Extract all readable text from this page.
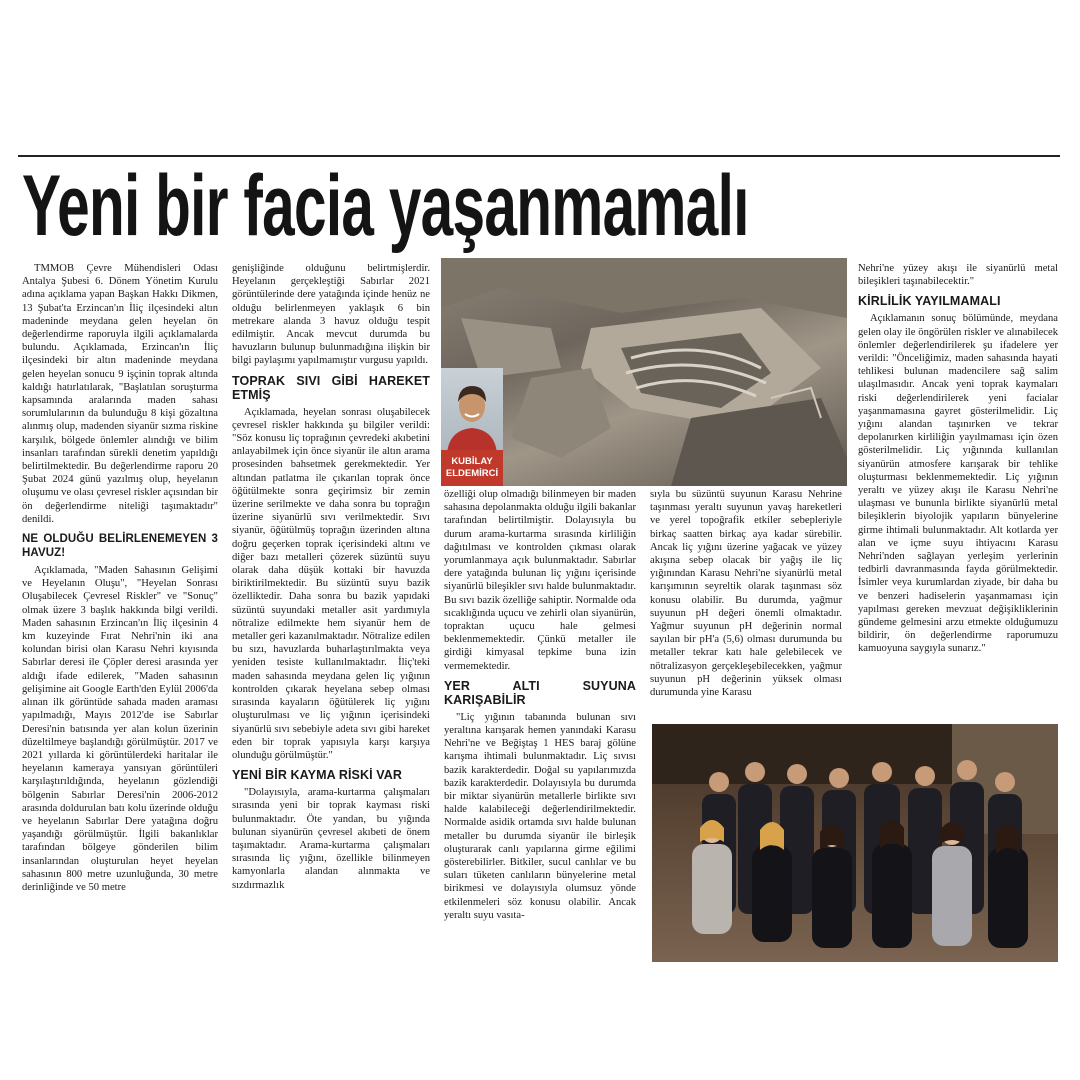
Yeni bir facia yaşanmamalı

TMMOB Çevre Mühendisleri Odası Antalya Şubesi 6. Dönem Yönetim Kurulu adına açıklama yapan Başkan Hakkı Dikmen, 13 Şubat'ta Erzincan'ın İliç ilçesindeki altın madeninde meydana gelen heyelan ön değerlendirme raporuyla ilgili açıklamalarda bulundu. Açıklamada, Erzincan'ın İliç ilçesindeki bir altın madeninde meydana gelen heyelan sonucu 9 işçinin toprak altında kaldığı hatırlatılarak, "Başlatılan soruşturma kapsamında aralarında maden sahası sorumlularının da bulunduğu 8 kişi gözaltına alınmış olup, madenden siyanür sızma riskine karşılık, bölgede önlemler alındığı ve bilim insanları tarafından sürekli denetim yapıldığı belirtilmektedir. Bu değerlendirme raporu 20 Şubat 2024 günü yazılmış olup, heyelanın oluşumu ve olası çevresel riskler açısından bir ön değerlendirme niteliği taşımaktadır" denildi.

NE OLDUĞU BELİRLENEMEYEN 3 HAVUZ!

Açıklamada, "Maden Sahasının Gelişimi ve Heyelanın Oluşu", "Heyelan Sonrası Oluşabilecek Çevresel Riskler" ve "Sonuç" olmak üzere 3 başlık hakkında bilgi verildi. Maden sahasının Erzincan'ın İliç ilçesinin 4 km kuzeyinde Fırat Nehri'nin iki ana kolundan birisi olan Karasu Nehri kıyısında Sabırlar deresi ile Çöpler deresi arasında yer aldığı ifade edilerek, "Maden sahasının gelişimine ait Google Earth'den Eylül 2006'da alınan ilk görüntüde sahada maden araması yapılmadığı, Mayıs 2012'de ise Sabırlar Deresi'nin batısında yer alan kolun üzerinin düzeltilmeye başlandığı görülmüştür. 2017 ve 2021 yıllarda ki görüntülerdeki haritalar ile heyelanın kameraya yansıyan görüntüleri karşılaştırıldığında, heyelanın gözlendiği bölgenin Sabırlar Deresi'nin 2006-2012 arasında doldurulan batı kolu üzerinde olduğu ve heyelanın Sabırlar Dere yatağına doğru yaşandığı görülmüştür. İlgili bakanlıklar tarafından bölgeye gönderilen bilim insanlarından oluşturulan heyet heyelan sahasının 800 metre uzunluğunda, 30 metre derinliğinde ve 50 metre

genişliğinde olduğunu belirtmişlerdir. Heyelanın gerçekleştiği Sabırlar 2021 görüntülerinde dere yatağında içinde henüz ne olduğu belirlenmeyen yaklaşık 6 bin metrekare alanda 3 havuz olduğu tespit edilmiştir. Ancak mevcut durumda bu havuzların bulunup bulunmadığına ilişkin bir bilgi paylaşımı yapılmamıştır vurgusu yapıldı.

TOPRAK SIVI GİBİ HAREKET ETMİŞ

Açıklamada, heyelan sonrası oluşabilecek çevresel riskler hakkında şu bilgiler verildi: "Söz konusu liç toprağının çevredeki akıbetini anlayabilmek için önce siyanür ile altın arama prosesinden bahsetmek gerekmektedir. Yer altından patlatma ile çıkarılan toprak önce öğütülmekte sonra geçirimsiz bir zemin üzerine serilmekte ve daha sonra bu toprağın üzerine siyanürlü sıvı verilmektedir. Sıvı siyanür, öğütülmüş toprağın üzerinden altına doğru geçerken toprak içerisindeki altını ve diğer bazı metalleri çözerek süzüntü suyu olarak daha düşük kottaki bir havuzda biriktirilmektedir. Bu süzüntü suyu bazik özelliktedir. Daha sonra bu bazik yapıdaki süzüntü suyundaki metaller asit yardımıyla nötralize edilmekte hem siyanür hem de metaller geri kazanılmaktadır. Nötralize edilen bu sızı, havuzlarda buharlaştırılmakta veya yeniden tesiste kullanılmaktadır. İliç'teki maden sahasında meydana gelen liç yığının kontrolden çıkarak heyelana sebep olması sırasında kayaların öğütülerek liç yığını oluşturulması ve liç yığının içerisindeki siyanürlü sıvı sebebiyle adeta sıvı gibi hareket eden bir toprak yapısıyla karşı karşıya olunduğu görülmüştür."

YENİ BİR KAYMA RİSKİ VAR

"Dolayısıyla, arama-kurtarma çalışmaları sırasında yeni bir toprak kayması riski bulunmaktadır. Öte yandan, bu yığında bulunan siyanürün çevresel akıbeti de önem taşımaktadır. Arama-kurtarma çalışmaları sırasında liç yığını, özellikle bilinmeyen kamyonlarla alandan alınmakta ve sızdırmazlık

KUBİLAY
ELDEMİRCİ

özelliği olup olmadığı bilinmeyen bir maden sahasına depolanmakta olduğu ilgili bakanlar tarafından belirtilmiştir. Dolayısıyla bu durum arama-kurtarma sırasında kirliliğin dağıtılması ve kontrolden çıkması olarak yorumlanmaya açık bulunmaktadır. Sabırlar dere yatağında bulunan liç yığını içerisinde siyanürlü bileşikler sıvı halde bulunmaktadır. Bu sıvı bazik özelliğe sahiptir. Normalde oda sıcaklığında uçucu ve zehirli olan siyanürün, topraktan uçucu hale gelmesi beklenmemektedir. Çünkü metaller ile girdiği kimyasal tepkime buna izin vermemektedir.

YER ALTI SUYUNA KARIŞABİLİR

"Liç yığının tabanında bulunan sıvı yeraltına karışarak hemen yanındaki Karasu Nehri'ne ve Beğiştaş 1 HES baraj gölüne karışma ihtimali bulunmaktadır. Liç sıvısı bazik karakterdedir. Doğal su yapılarımızda bazik karakterdedir. Dolayısıyla bu durumda bir miktar siyanürün metallerle birlikte sıvı halde kalabileceği değerlendirilmektedir. Normalde asidik ortamda sıvı halde bulunan metaller bu durumda siyanür ile birleşik oluşturarak canlı yapılarına girme eğilimi gösterebilirler. Bitkiler, sucul canlılar ve bu suları tüketen canlıların bünyelerine metal birikmesi ve dolayısıyla olumsuz yönde etkilenmeleri söz konusu olabilir. Ancak yeraltı suyu vasıta-

sıyla bu süzüntü suyunun Karasu Nehrine taşınması yeraltı suyunun yavaş hareketleri ve yerel topoğrafik etkiler sebepleriyle birkaç saatten birkaç aya kadar sürebilir. Ancak liç yığını üzerine yağacak ve yüzey akışına sebep olacak bir yağış ile liç yığınından Karasu Nehri'ne siyanürlü metal karışımının seyreltik olarak taşınması söz konusu olabilir. Bu durumda, yağmur suyunun pH değeri önemli olmaktadır. Yağmur suyunun pH değerinin normal sayılan bir pH'a (5,6) olması durumunda bu metaller tekrar katı hale gelebilecek ve nötralizasyon gerçekleşebilecekken, yağmur suyunun pH değerinin yüksek olması durumunda yine Karasu

Nehri'ne yüzey akışı ile siyanürlü metal bileşikleri taşınabilecektir."

KİRLİLİK YAYILMAMALI

Açıklamanın sonuç bölümünde, meydana gelen olay ile öngörülen riskler ve alınabilecek önlemler değerlendirilerek şu ifadelere yer verildi: "Önceliğimiz, maden sahasında hayati tehlikesi bulunan madencilere sağ salim ulaşılmasıdır. Ancak yeni toprak kaymaları riski değerlendirilerek yeni facialar yaşanmamasına gayret gösterilmelidir. Liç yığını alandan taşınırken ve tekrar depolanırken kirliliğin yayılmaması için özen gösterilmelidir. Liç yığınında kullanılan siyanürün atmosfere karışarak bir tehlike oluşturması beklenmemektedir. Liç yığının yeraltı ve yüzey akışı ile Karasu Nehri'ne ulaşması ve bununla birlikte siyanürlü metal bileşiklerin biyolojik yapıların bünyelerine girme ihtimali bulunmaktadır. Alt kotlarda yer alan ve içme suyu ihtiyacını Karasu Nehri'nden sağlayan yerleşim yerlerinin tedbirli davranmasında fayda görülmektedir. İsimler veya kurumlardan ziyade, bir daha bu ve benzeri hadiselerin yaşanmaması için yapılması gereken mevzuat değişikliklerinin gündeme gelmesini arzu etmekte olduğumuzu bildirir, ön değerlendirme raporumuzu kamuoyuna saygıyla sunarız."
